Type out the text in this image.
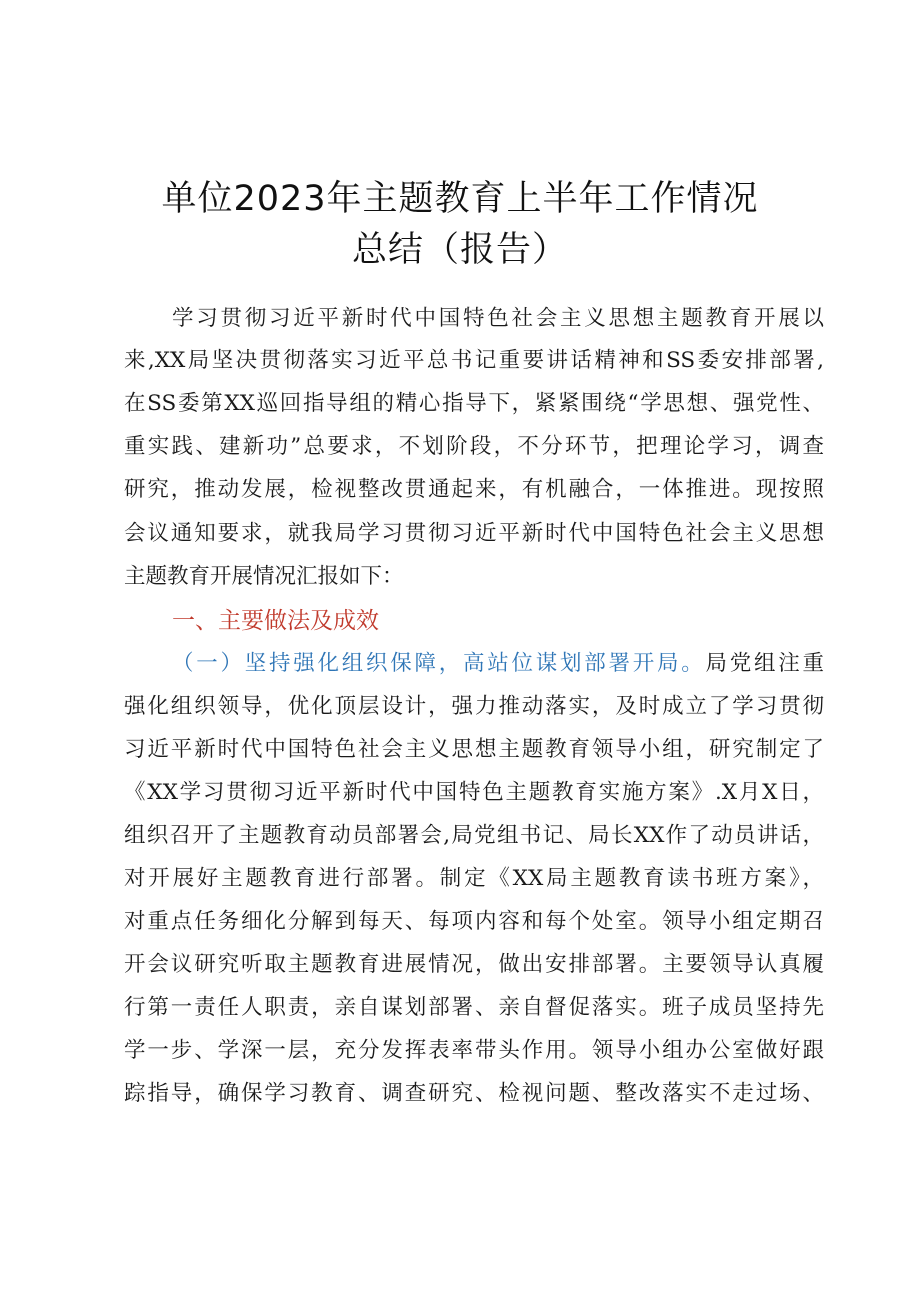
单位2023年主题教育上半年工作情况
总结（报告）
学习贯彻习近平新时代中国特色社会主义思想主题教育开展以
来,XX局坚决贯彻落实习近平总书记重要讲话精神和SS委安排部署,
在SS委第XX巡回指导组的精心指导下，紧紧围绕“学思想、强党性、
重实践、建新功”总要求，不划阶段，不分环节，把理论学习，调查
研究，推动发展，检视整改贯通起来，有机融合，一体推进。现按照
会议通知要求，就我局学习贯彻习近平新时代中国特色社会主义思想
主题教育开展情况汇报如下：
一、主要做法及成效
（一）坚持强化组织保障，高站位谋划部署开局。局党组注重
强化组织领导，优化顶层设计，强力推动落实，及时成立了学习贯彻
习近平新时代中国特色社会主义思想主题教育领导小组，研究制定了
《XX学习贯彻习近平新时代中国特色主题教育实施方案》.X月X日，
组织召开了主题教育动员部署会,局党组书记、局长XX作了动员讲话，
对开展好主题教育进行部署。制定《XX局主题教育读书班方案》，
对重点任务细化分解到每天、每项内容和每个处室。领导小组定期召
开会议研究听取主题教育进展情况，做出安排部署。主要领导认真履
行第一责任人职责，亲自谋划部署、亲自督促落实。班子成员坚持先
学一步、学深一层，充分发挥表率带头作用。领导小组办公室做好跟
踪指导，确保学习教育、调查研究、检视问题、整改落实不走过场、
